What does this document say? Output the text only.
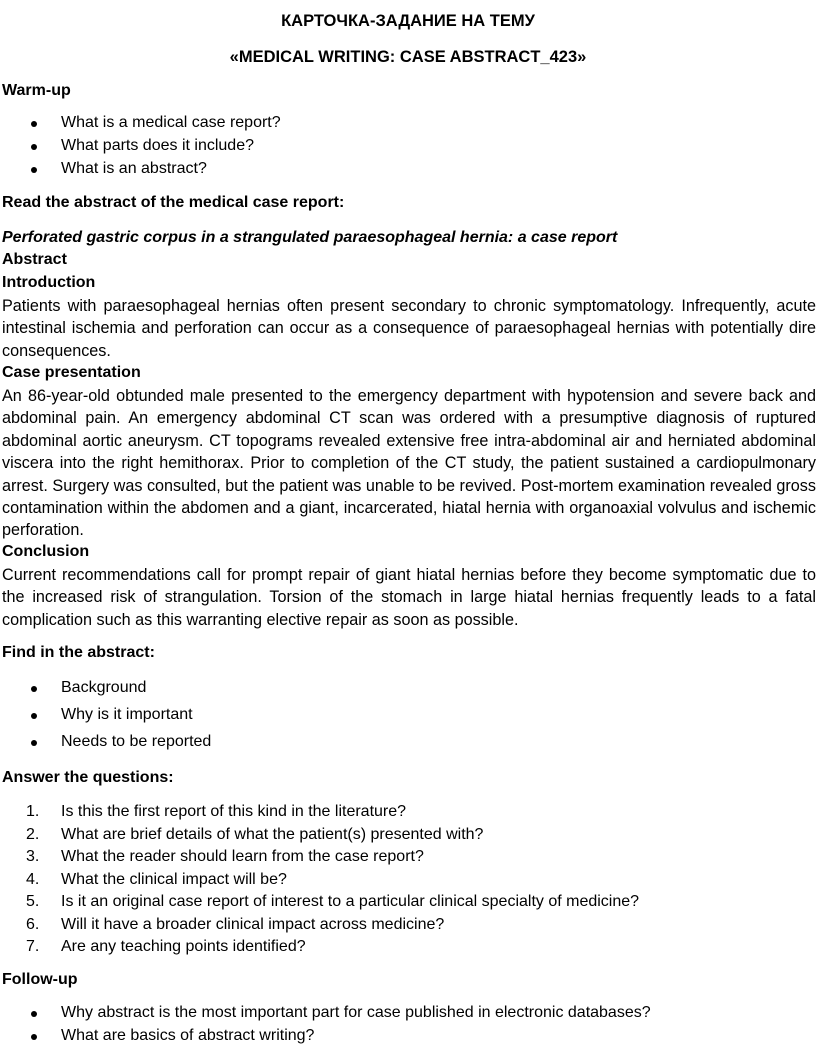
КАРТОЧКА-ЗАДАНИЕ НА ТЕМУ
«MEDICAL WRITING: CASE ABSTRACT_423»
Warm-up
What is a medical case report?
What parts does it include?
What is an abstract?
Read the abstract of the medical case report:
Perforated gastric corpus in a strangulated paraesophageal hernia: a case report
Abstract
Introduction
Patients with paraesophageal hernias often present secondary to chronic symptomatology. Infrequently, acute intestinal ischemia and perforation can occur as a consequence of paraesophageal hernias with potentially dire consequences.
Case presentation
An 86-year-old obtunded male presented to the emergency department with hypotension and severe back and abdominal pain. An emergency abdominal CT scan was ordered with a presumptive diagnosis of ruptured abdominal aortic aneurysm. CT topograms revealed extensive free intra-abdominal air and herniated abdominal viscera into the right hemithorax. Prior to completion of the CT study, the patient sustained a cardiopulmonary arrest. Surgery was consulted, but the patient was unable to be revived. Post-mortem examination revealed gross contamination within the abdomen and a giant, incarcerated, hiatal hernia with organoaxial volvulus and ischemic perforation.
Conclusion
Current recommendations call for prompt repair of giant hiatal hernias before they become symptomatic due to the increased risk of strangulation. Torsion of the stomach in large hiatal hernias frequently leads to a fatal complication such as this warranting elective repair as soon as possible.
Find in the abstract:
Background
Why is it important
Needs to be reported
Answer the questions:
1.	Is this the first report of this kind in the literature?
2.	What are brief details of what the patient(s) presented with?
3.	What the reader should learn from the case report?
4.	What the clinical impact will be?
5.	Is it an original case report of interest to a particular clinical specialty of medicine?
6.	Will it have a broader clinical impact across medicine?
7.	Are any teaching points identified?
Follow-up
Why abstract is the most important part for case published in electronic databases?
What are basics of abstract writing?
